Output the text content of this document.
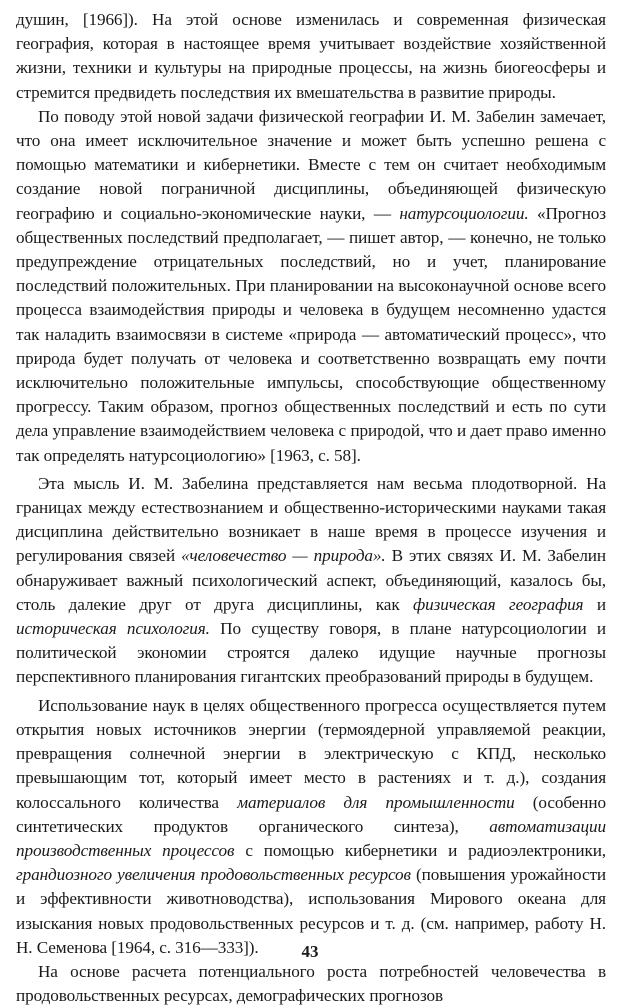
душин, [1966]). На этой основе изменилась и современная физическая география, которая в настоящее время учитывает воздействие хозяйственной жизни, техники и культуры на природные процессы, на жизнь биогеосферы и стремится предвидеть последствия их вмешательства в развитие природы.

По поводу этой новой задачи физической географии И. М. Забелин замечает, что она имеет исключительное значение и может быть успешно решена с помощью математики и кибернетики. Вместе с тем он считает необходимым создание новой пограничной дисциплины, объединяющей физическую географию и социально-экономические науки, — натурсоциологии. «Прогноз общественных последствий предполагает, — пишет автор, — конечно, не только предупреждение отрицательных последствий, но и учет, планирование последствий положительных. При планировании на высоконаучной основе всего процесса взаимодействия природы и человека в будущем несомненно удастся так наладить взаимосвязи в системе «природа — автоматический процесс», что природа будет получать от человека и соответственно возвращать ему почти исключительно положительные импульсы, способствующие общественному прогрессу. Таким образом, прогноз общественных последствий и есть по сути дела управление взаимодействием человека с природой, что и дает право именно так определять натурсоциологию» [1963, с. 58].

Эта мысль И. М. Забелина представляется нам весьма плодотворной. На границах между естествознанием и общественно-историческими науками такая дисциплина действительно возникает в наше время в процессе изучения и регулирования связей «человечество — природа». В этих связях И. М. Забелин обнаруживает важный психологический аспект, объединяющий, казалось бы, столь далекие друг от друга дисциплины, как физическая география и историческая психология. По существу говоря, в плане натурсоциологии и политической экономии строятся далеко идущие научные прогнозы перспективного планирования гигантских преобразований природы в будущем.

Использование наук в целях общественного прогресса осуществляется путем открытия новых источников энергии (термоядерной управляемой реакции, превращения солнечной энергии в электрическую с КПД, несколько превышающим тот, который имеет место в растениях и т. д.), создания колоссального количества материалов для промышленности (особенно синтетических продуктов органического синтеза), автоматизации производственных процессов с помощью кибернетики и радиоэлектроники, грандиозного увеличения продовольственных ресурсов (повышения урожайности и эффективности животноводства), использования Мирового океана для изыскания новых продовольственных ресурсов и т. д. (см. например, работу Н. Н. Семенова [1964, с. 316—333]).

На основе расчета потенциального роста потребностей человечества в продовольственных ресурсах, демографических прогнозов

43
